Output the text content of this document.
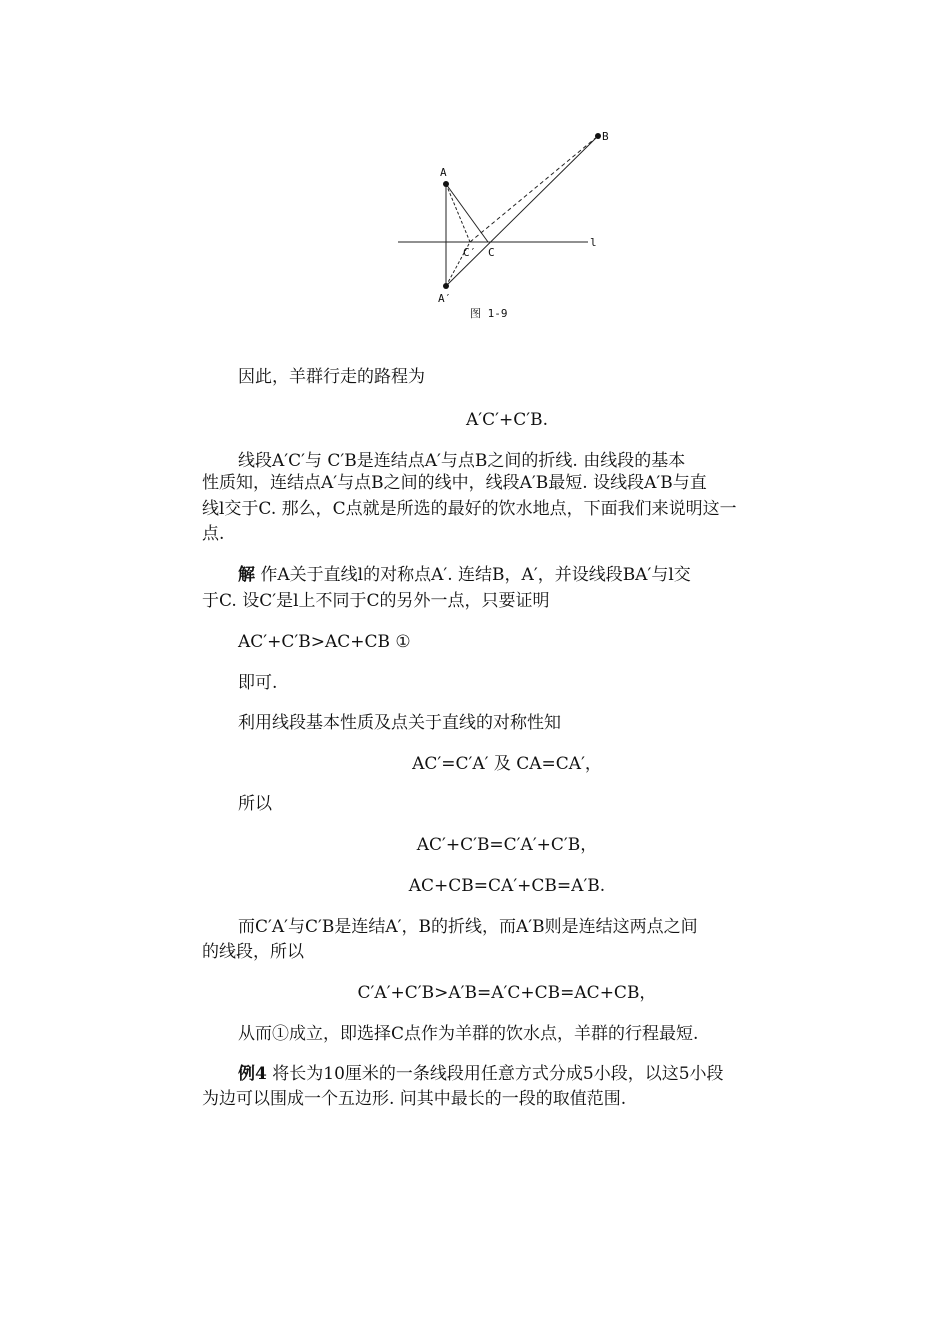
A
A′
B
C
C′
l
图 1-9
因此，羊群行走的路程为
A′C′+C′B.
线段A′C′与 C′B是连结点A′与点B之间的折线. 由线段的基本
性质知，连结点A′与点B之间的线中，线段A′B最短. 设线段A′B与直
线l交于C. 那么，C点就是所选的最好的饮水地点，下面我们来说明这一
点.
解 作A关于直线l的对称点A′. 连结B，A′，并设线段BA′与l交
于C. 设C′是l上不同于C的另外一点，只要证明
AC′+C′B>AC+CB ①
即可.
利用线段基本性质及点关于直线的对称性知
AC′=C′A′ 及 CA=CA′，
所以
AC′+C′B=C′A′+C′B，
AC+CB=CA′+CB=A′B.
而C′A′与C′B是连结A′，B的折线，而A′B则是连结这两点之间
的线段，所以
C′A′+C′B>A′B=A′C+CB=AC+CB，
从而①成立，即选择C点作为羊群的饮水点，羊群的行程最短.
例4 将长为10厘米的一条线段用任意方式分成5小段，以这5小段
为边可以围成一个五边形. 问其中最长的一段的取值范围.
